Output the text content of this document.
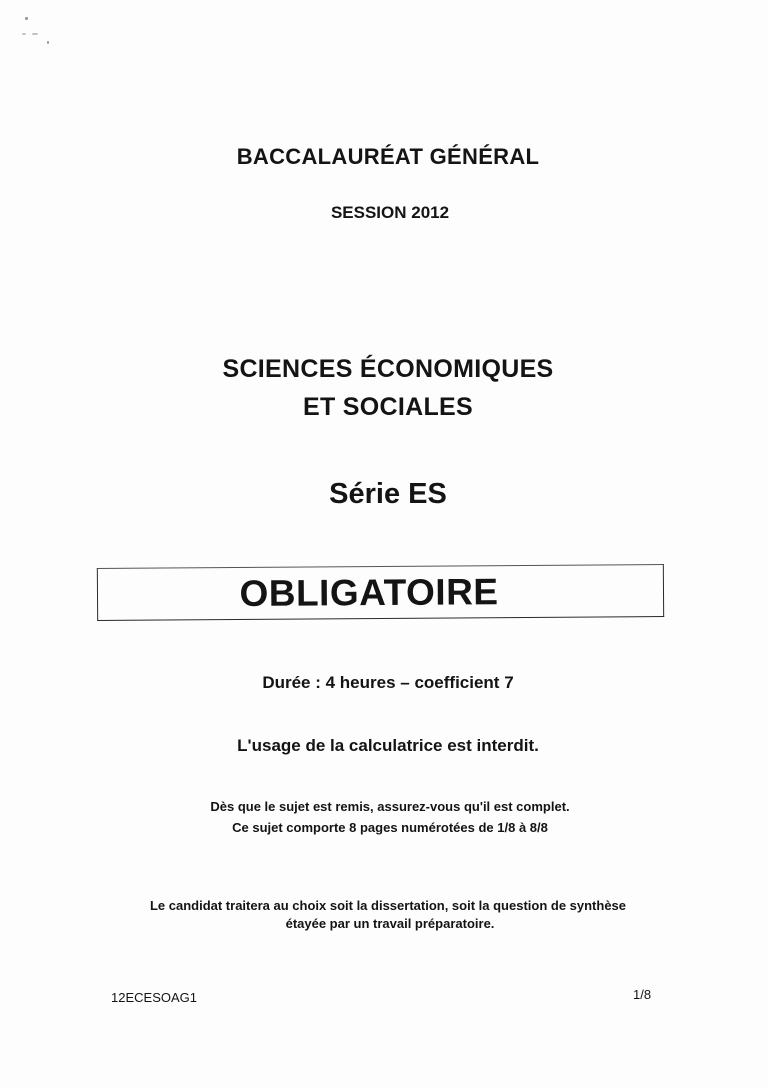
BACCALAURÉAT GÉNÉRAL
SESSION 2012
SCIENCES ÉCONOMIQUES
ET SOCIALES
Série ES
OBLIGATOIRE
Durée : 4 heures – coefficient 7
L'usage de la calculatrice est interdit.
Dès que le sujet est remis, assurez-vous qu'il est complet.
Ce sujet comporte 8 pages numérotées de 1/8 à 8/8
Le candidat traitera au choix soit la dissertation, soit la question de synthèse
étayée par un travail préparatoire.
12ECESOAG1	1/8
